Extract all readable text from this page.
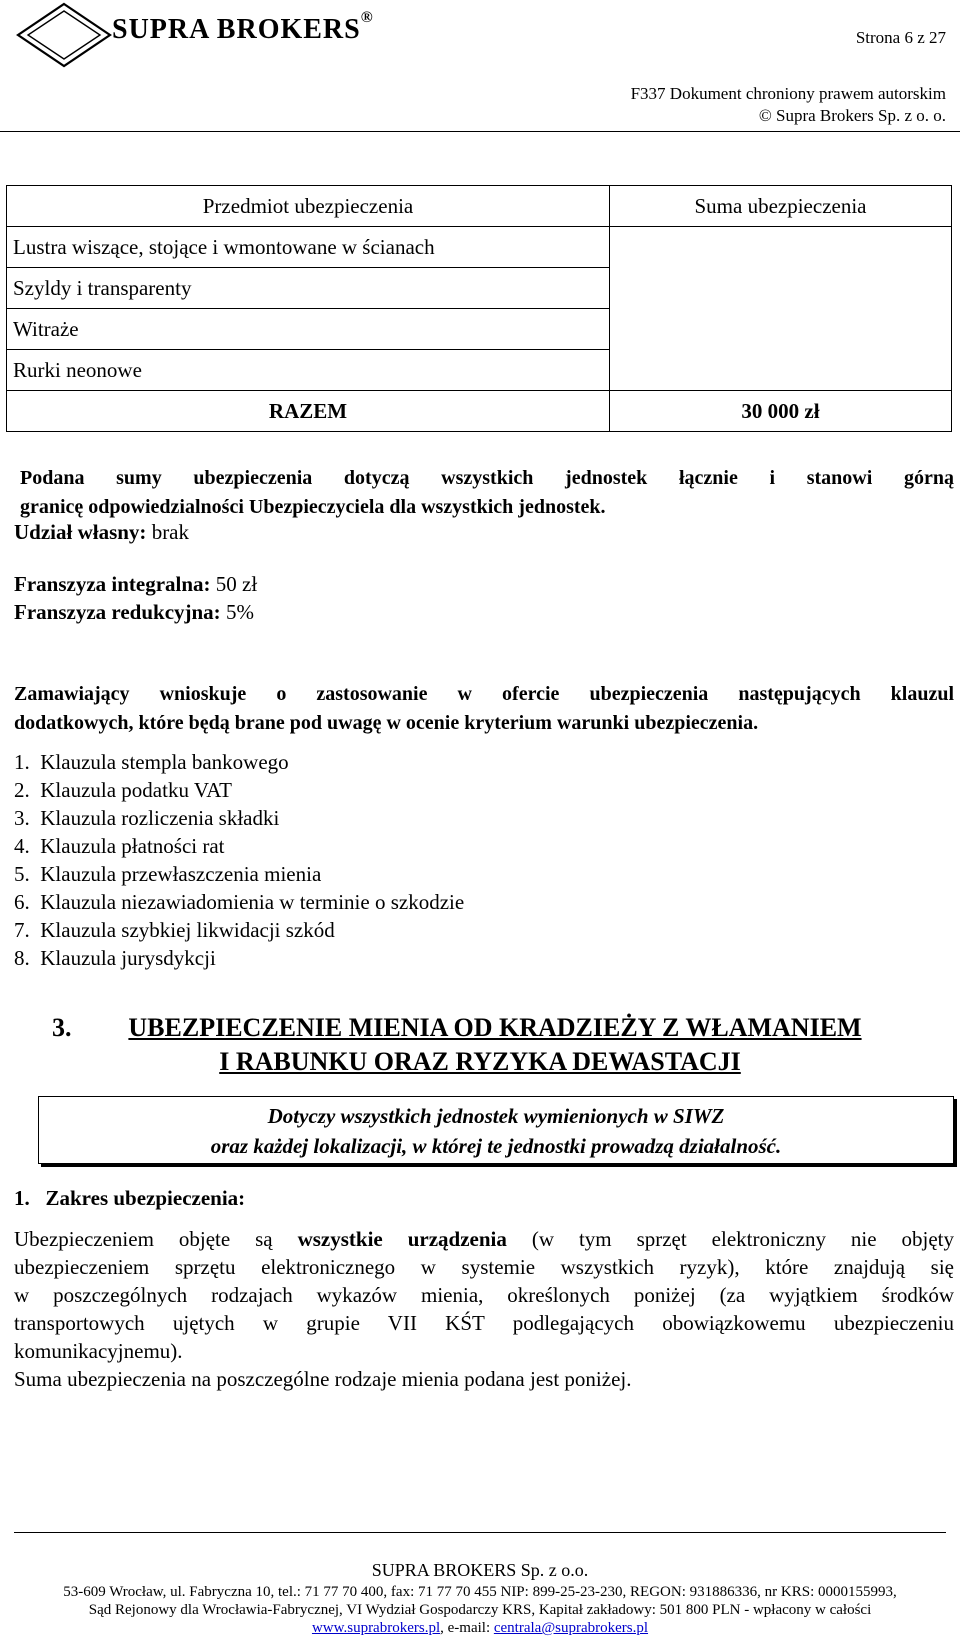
SUPRA BROKERS®
Strona 6 z 27
F337 Dokument chroniony prawem autorskim
© Supra Brokers Sp. z o. o.
Przedmiot ubezpieczenia	Suma ubezpieczenia
Lustra wiszące, stojące i wmontowane w ścianach	
Szyldy i transparenty	
Witraże	
Rurki neonowe	
RAZEM	30 000 zł
Podana sumy ubezpieczenia dotyczą wszystkich jednostek łącznie i stanowi górną
granicę odpowiedzialności Ubezpieczyciela dla wszystkich jednostek.
Udział własny: brak
Franszyza integralna: 50 zł
Franszyza redukcyjna: 5%
Zamawiający wnioskuje o zastosowanie w ofercie ubezpieczenia następujących klauzul
dodatkowych, które będą brane pod uwagę w ocenie kryterium warunki ubezpieczenia.
1.  Klauzula stempla bankowego
2.  Klauzula podatku VAT
3.  Klauzula rozliczenia składki
4.  Klauzula płatności rat
5.  Klauzula przewłaszczenia mienia
6.  Klauzula niezawiadomienia w terminie o szkodzie
7.  Klauzula szybkiej likwidacji szkód
8.  Klauzula jurysdykcji
3.	UBEZPIECZENIE MIENIA OD KRADZIEŻY Z WŁAMANIEM
I RABUNKU ORAZ RYZYKA DEWASTACJI
Dotyczy wszystkich jednostek wymienionych w SIWZ
oraz każdej lokalizacji, w której te jednostki prowadzą działalność.
1.   Zakres ubezpieczenia:
Ubezpieczeniem objęte są wszystkie urządzenia (w tym sprzęt elektroniczny nie objęty
ubezpieczeniem sprzętu elektronicznego w systemie wszystkich ryzyk), które znajdują się
w poszczególnych rodzajach wykazów mienia, określonych poniżej (za wyjątkiem środków
transportowych ujętych w grupie VII KŚT podlegających obowiązkowemu ubezpieczeniu
komunikacyjnemu).
Suma ubezpieczenia na poszczególne rodzaje mienia podana jest poniżej.
SUPRA BROKERS Sp. z o.o.
53-609 Wrocław, ul. Fabryczna 10, tel.: 71 77 70 400, fax: 71 77 70 455 NIP: 899-25-23-230, REGON: 931886336, nr KRS: 0000155993,
Sąd Rejonowy dla Wrocławia-Fabrycznej, VI Wydział Gospodarczy KRS, Kapitał zakładowy: 501 800 PLN - wpłacony w całości
www.suprabrokers.pl, e-mail: centrala@suprabrokers.pl
